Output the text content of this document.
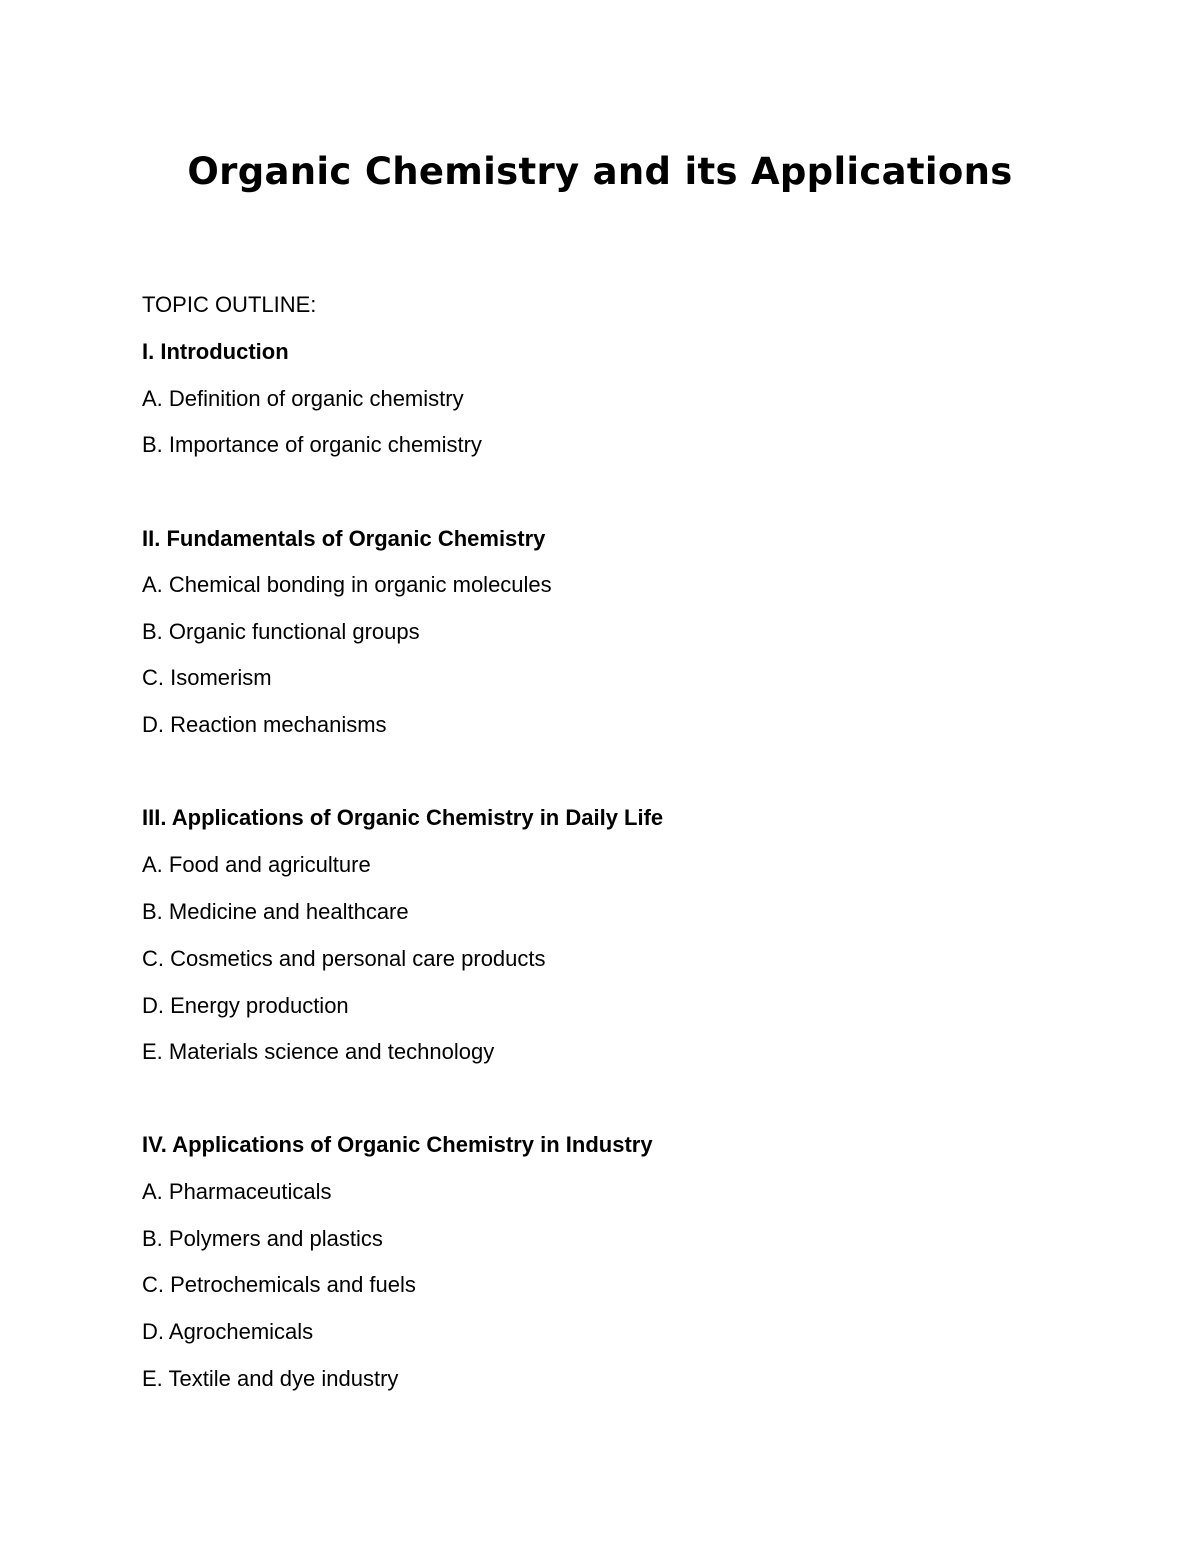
Organic Chemistry and its Applications

TOPIC OUTLINE:

I. Introduction

A. Definition of organic chemistry

B. Importance of organic chemistry

II. Fundamentals of Organic Chemistry

A. Chemical bonding in organic molecules

B. Organic functional groups

C. Isomerism

D. Reaction mechanisms

III. Applications of Organic Chemistry in Daily Life

A. Food and agriculture

B. Medicine and healthcare

C. Cosmetics and personal care products

D. Energy production

E. Materials science and technology

IV. Applications of Organic Chemistry in Industry

A. Pharmaceuticals

B. Polymers and plastics

C. Petrochemicals and fuels

D. Agrochemicals

E. Textile and dye industry
